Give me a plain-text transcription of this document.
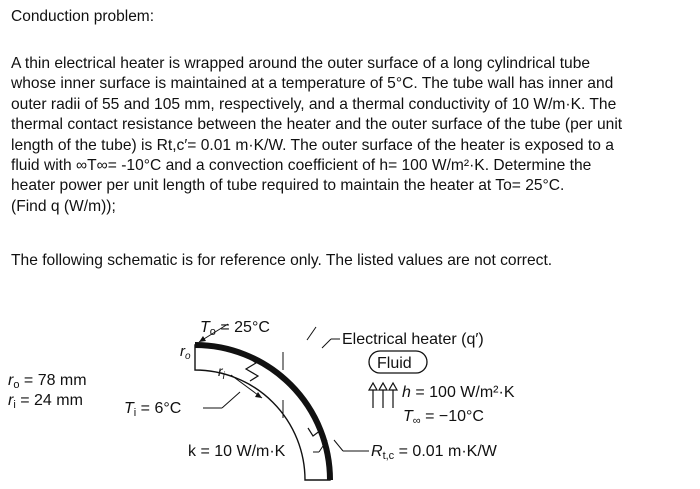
Conduction problem:
A thin electrical heater is wrapped around the outer surface of a long cylindrical tube
whose inner surface is maintained at a temperature of 5°C. The tube wall has inner and
outer radii of 55 and 105 mm, respectively, and a thermal conductivity of 10 W/m·K. The
thermal contact resistance between the heater and the outer surface of the tube (per unit
length of the tube) is Rt,c′= 0.01 m·K/W. The outer surface of the heater is exposed to a
fluid with ∞T∞= -10°C and a convection coefficient of h= 100 W/m²·K. Determine the
heater power per unit length of tube required to maintain the heater at To= 25°C.
(Find q (W/m));
The following schematic is for reference only. The listed values are not correct.
$r_o$
$r_i$
To = 25°C
ro = 78 mm
ri = 24 mm	Ti = 6°C
k = 10 W/m·K
Electrical heater (q′)
Fluid
h = 100 W/m²·K
T∞ = −10°C
Rt,c = 0.01 m·K/W
